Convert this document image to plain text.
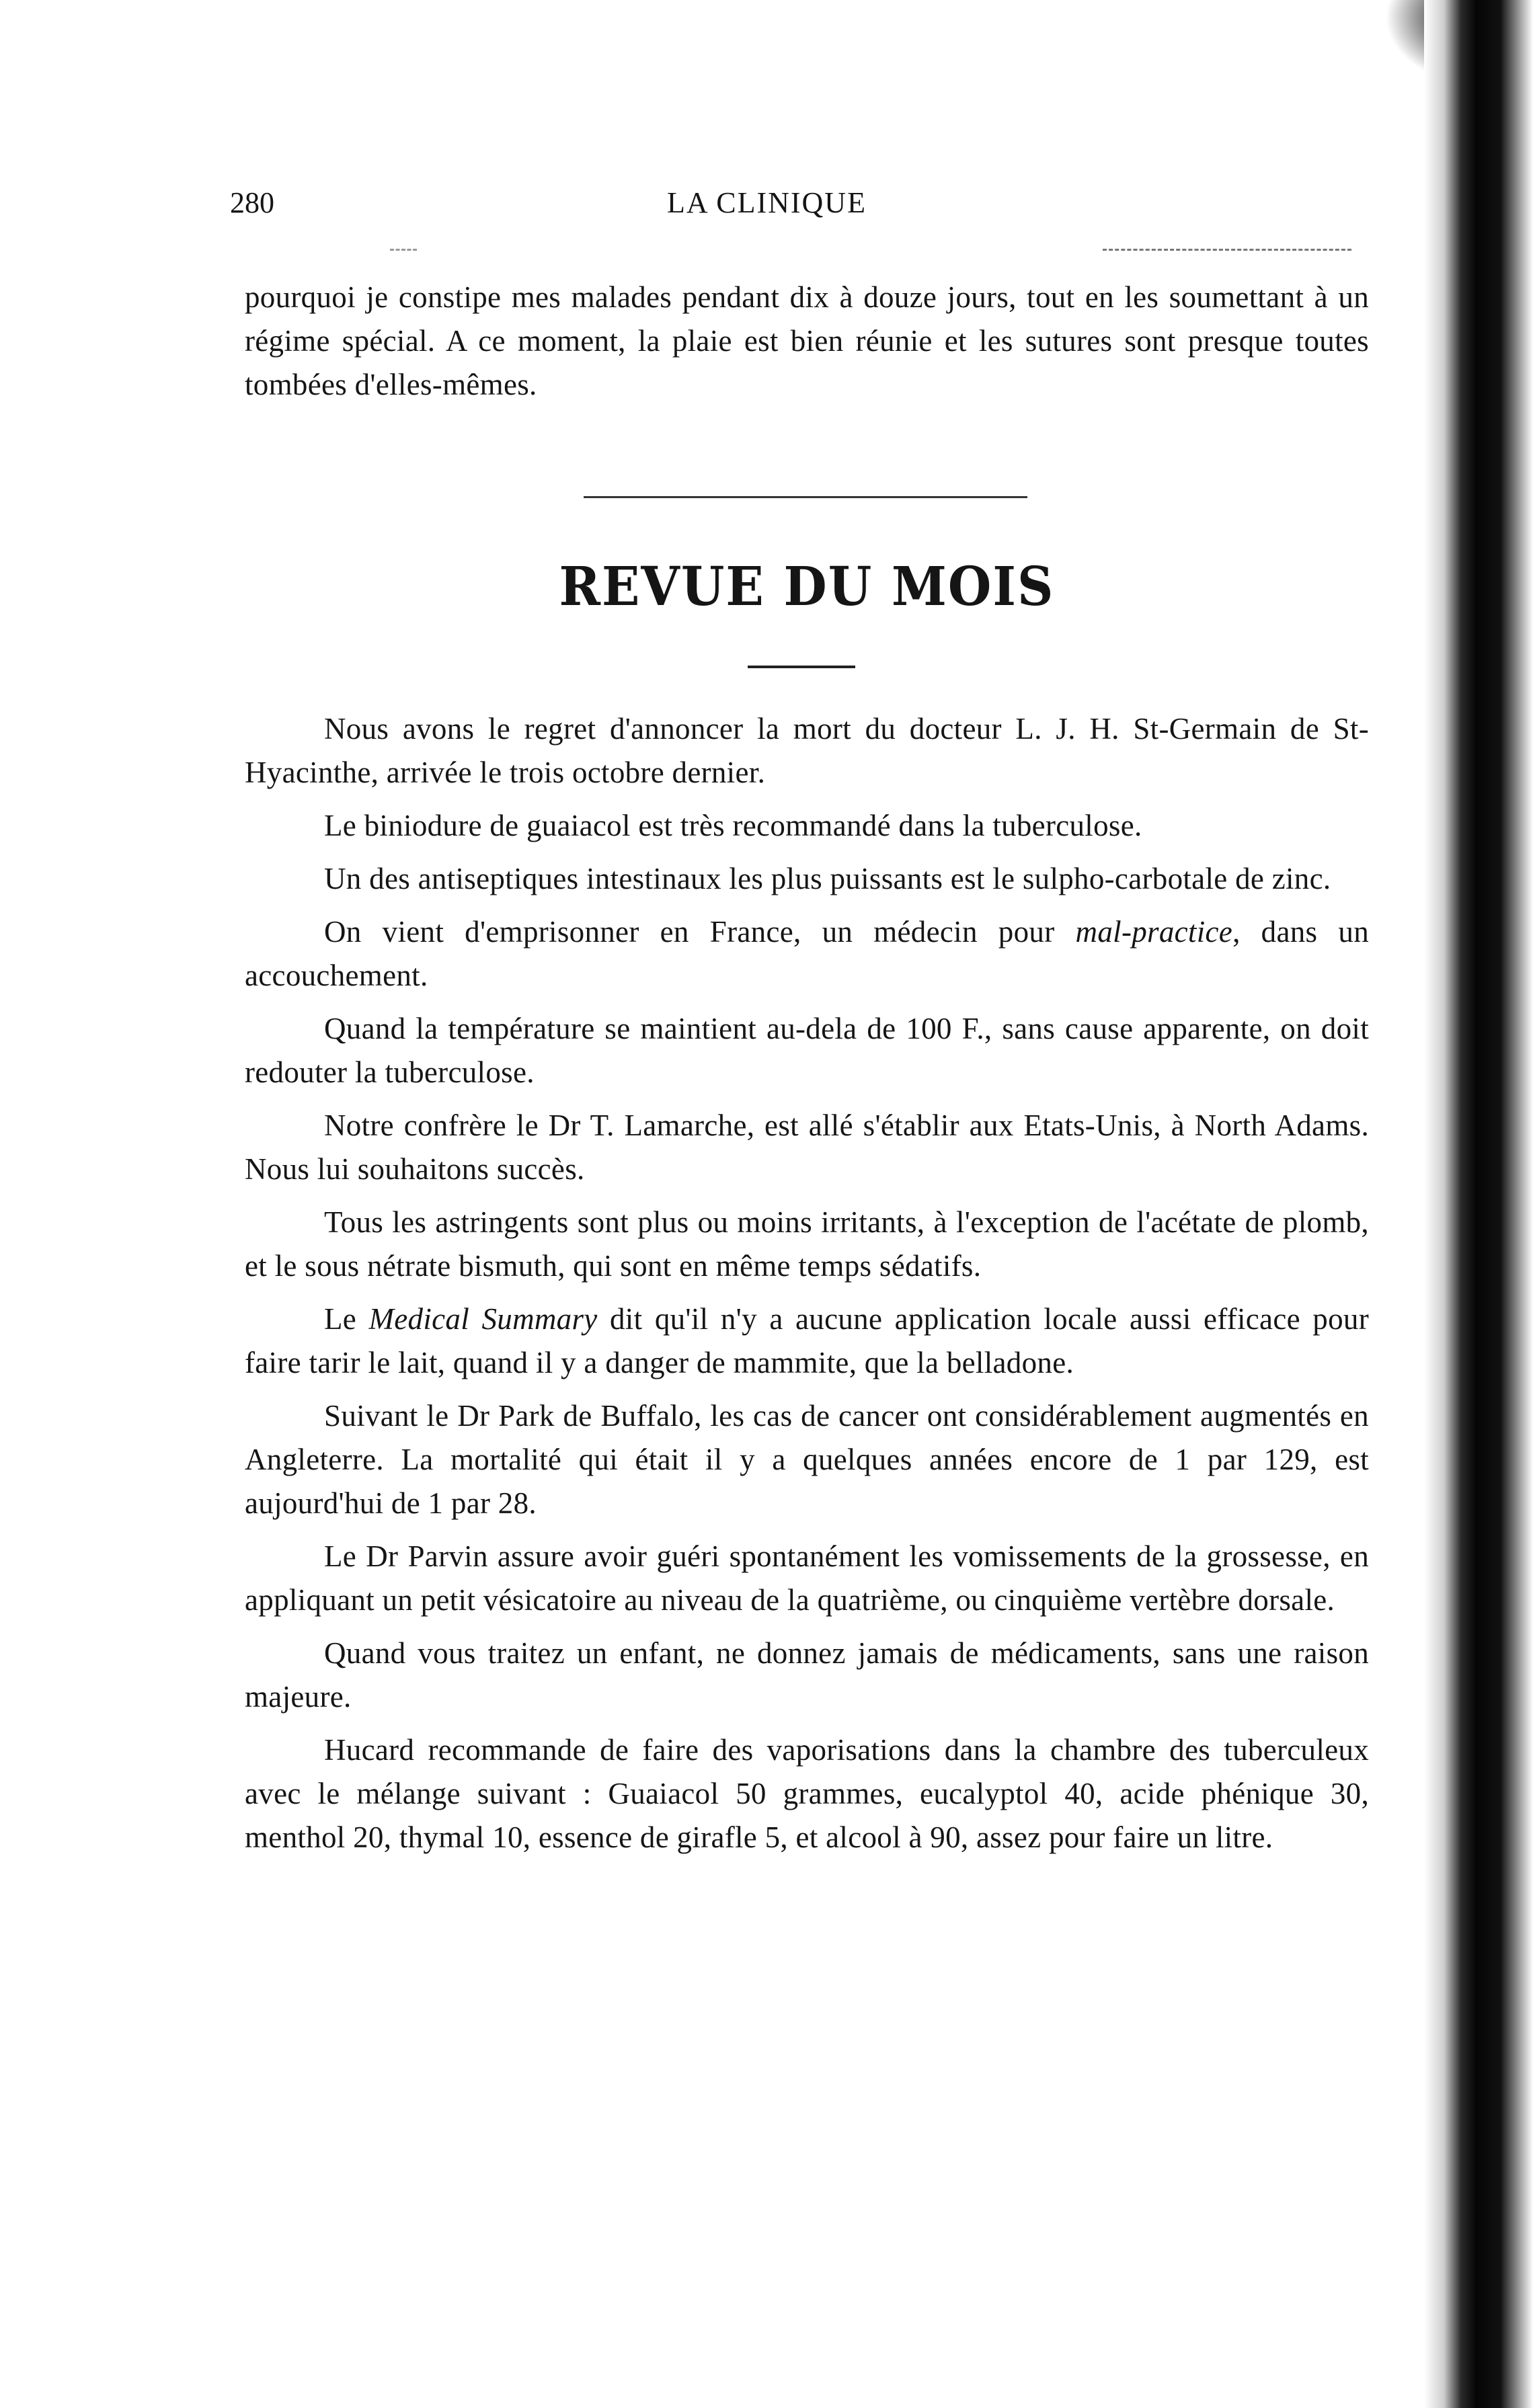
280	LA CLINIQUE
pourquoi je constipe mes malades pendant dix à douze jours, tout en les soumettant à un régime spécial. A ce moment, la plaie est bien réunie et les sutures sont presque toutes tombées d'elles-mêmes.
REVUE DU MOIS

Nous avons le regret d'annoncer la mort du docteur L. J. H. St-Germain de St-Hyacinthe, arrivée le trois octobre dernier.

Le biniodure de guaiacol est très recommandé dans la tuberculose.

Un des antiseptiques intestinaux les plus puissants est le sulpho-carbotale de zinc.

On vient d'emprisonner en France, un médecin pour mal-practice, dans un accouchement.

Quand la température se maintient au-dela de 100 F., sans cause apparente, on doit redouter la tuberculose.

Notre confrère le Dr T. Lamarche, est allé s'établir aux Etats-Unis, à North Adams. Nous lui souhaitons succès.

Tous les astringents sont plus ou moins irritants, à l'exception de l'acétate de plomb, et le sous nétrate bismuth, qui sont en même temps sédatifs.

Le Medical Summary dit qu'il n'y a aucune application locale aussi efficace pour faire tarir le lait, quand il y a danger de mammite, que la belladone.

Suivant le Dr Park de Buffalo, les cas de cancer ont considérablement augmentés en Angleterre. La mortalité qui était il y a quelques années encore de 1 par 129, est aujourd'hui de 1 par 28.

Le Dr Parvin assure avoir guéri spontanément les vomissements de la grossesse, en appliquant un petit vésicatoire au niveau de la quatrième, ou cinquième vertèbre dorsale.

Quand vous traitez un enfant, ne donnez jamais de médicaments, sans une raison majeure.

Hucard recommande de faire des vaporisations dans la chambre des tuberculeux avec le mélange suivant : Guaiacol 50 grammes, eucalyptol 40, acide phénique 30, menthol 20, thymal 10, essence de girafle 5, et alcool à 90, assez pour faire un litre.
